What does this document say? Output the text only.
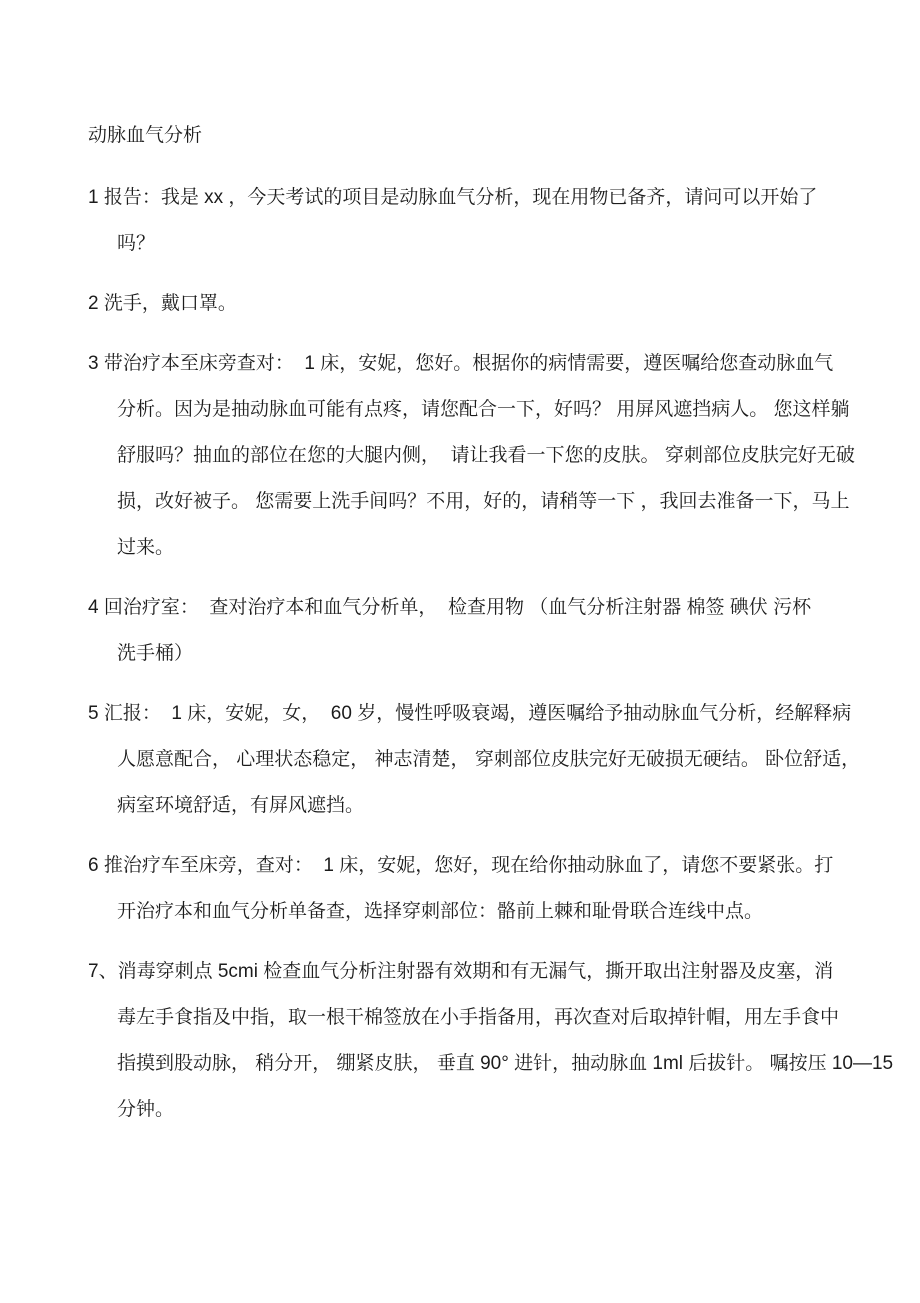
动脉血气分析
1 报告：我是 xx ，今天考试的项目是动脉血气分析，现在用物已备齐，请问可以开始了
吗？
2 洗手，戴口罩。
3 带治疗本至床旁查对：  1 床，安妮，您好。根据你的病情需要，遵医嘱给您查动脉血气
分析。因为是抽动脉血可能有点疼，请您配合一下，好吗？ 用屏风遮挡病人。 您这样躺
舒服吗？抽血的部位在您的大腿内侧，  请让我看一下您的皮肤。 穿刺部位皮肤完好无破
损，改好被子。 您需要上洗手间吗？不用，好的，请稍等一下 ，我回去准备一下，马上
过来。
4 回治疗室：  查对治疗本和血气分析单，  检查用物 （血气分析注射器 棉签 碘伏 污杯
洗手桶）
5 汇报：  1 床，安妮，女，  60 岁，慢性呼吸衰竭，遵医嘱给予抽动脉血气分析，经解释病
人愿意配合， 心理状态稳定， 神志清楚， 穿刺部位皮肤完好无破损无硬结。 卧位舒适，
病室环境舒适，有屏风遮挡。
6 推治疗车至床旁，查对：  1 床，安妮，您好，现在给你抽动脉血了，请您不要紧张。打
开治疗本和血气分析单备查，选择穿刺部位：骼前上棘和耻骨联合连线中点。
7、消毒穿刺点 5cmi 检查血气分析注射器有效期和有无漏气，撕开取出注射器及皮塞，消
毒左手食指及中指，取一根干棉签放在小手指备用，再次查对后取掉针帽，用左手食中
指摸到股动脉， 稍分开， 绷紧皮肤， 垂直 90° 进针，抽动脉血 1ml 后拔针。 嘱按压 10—15
分钟。
